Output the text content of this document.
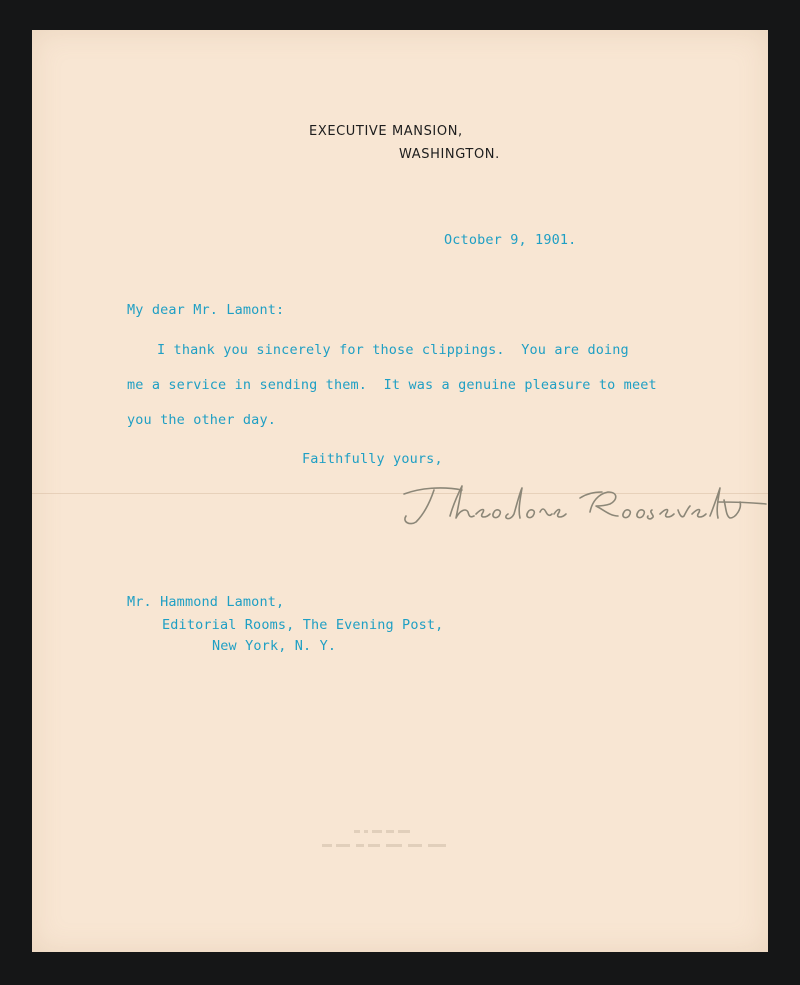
EXECUTIVE MANSION,
WASHINGTON.
October 9, 1901.
My dear Mr. Lamont:
I thank you sincerely for those clippings.  You are doing
me a service in sending them.  It was a genuine pleasure to meet
you the other day.
Faithfully yours,
Mr. Hammond Lamont,
Editorial Rooms, The Evening Post,
New York, N. Y.
